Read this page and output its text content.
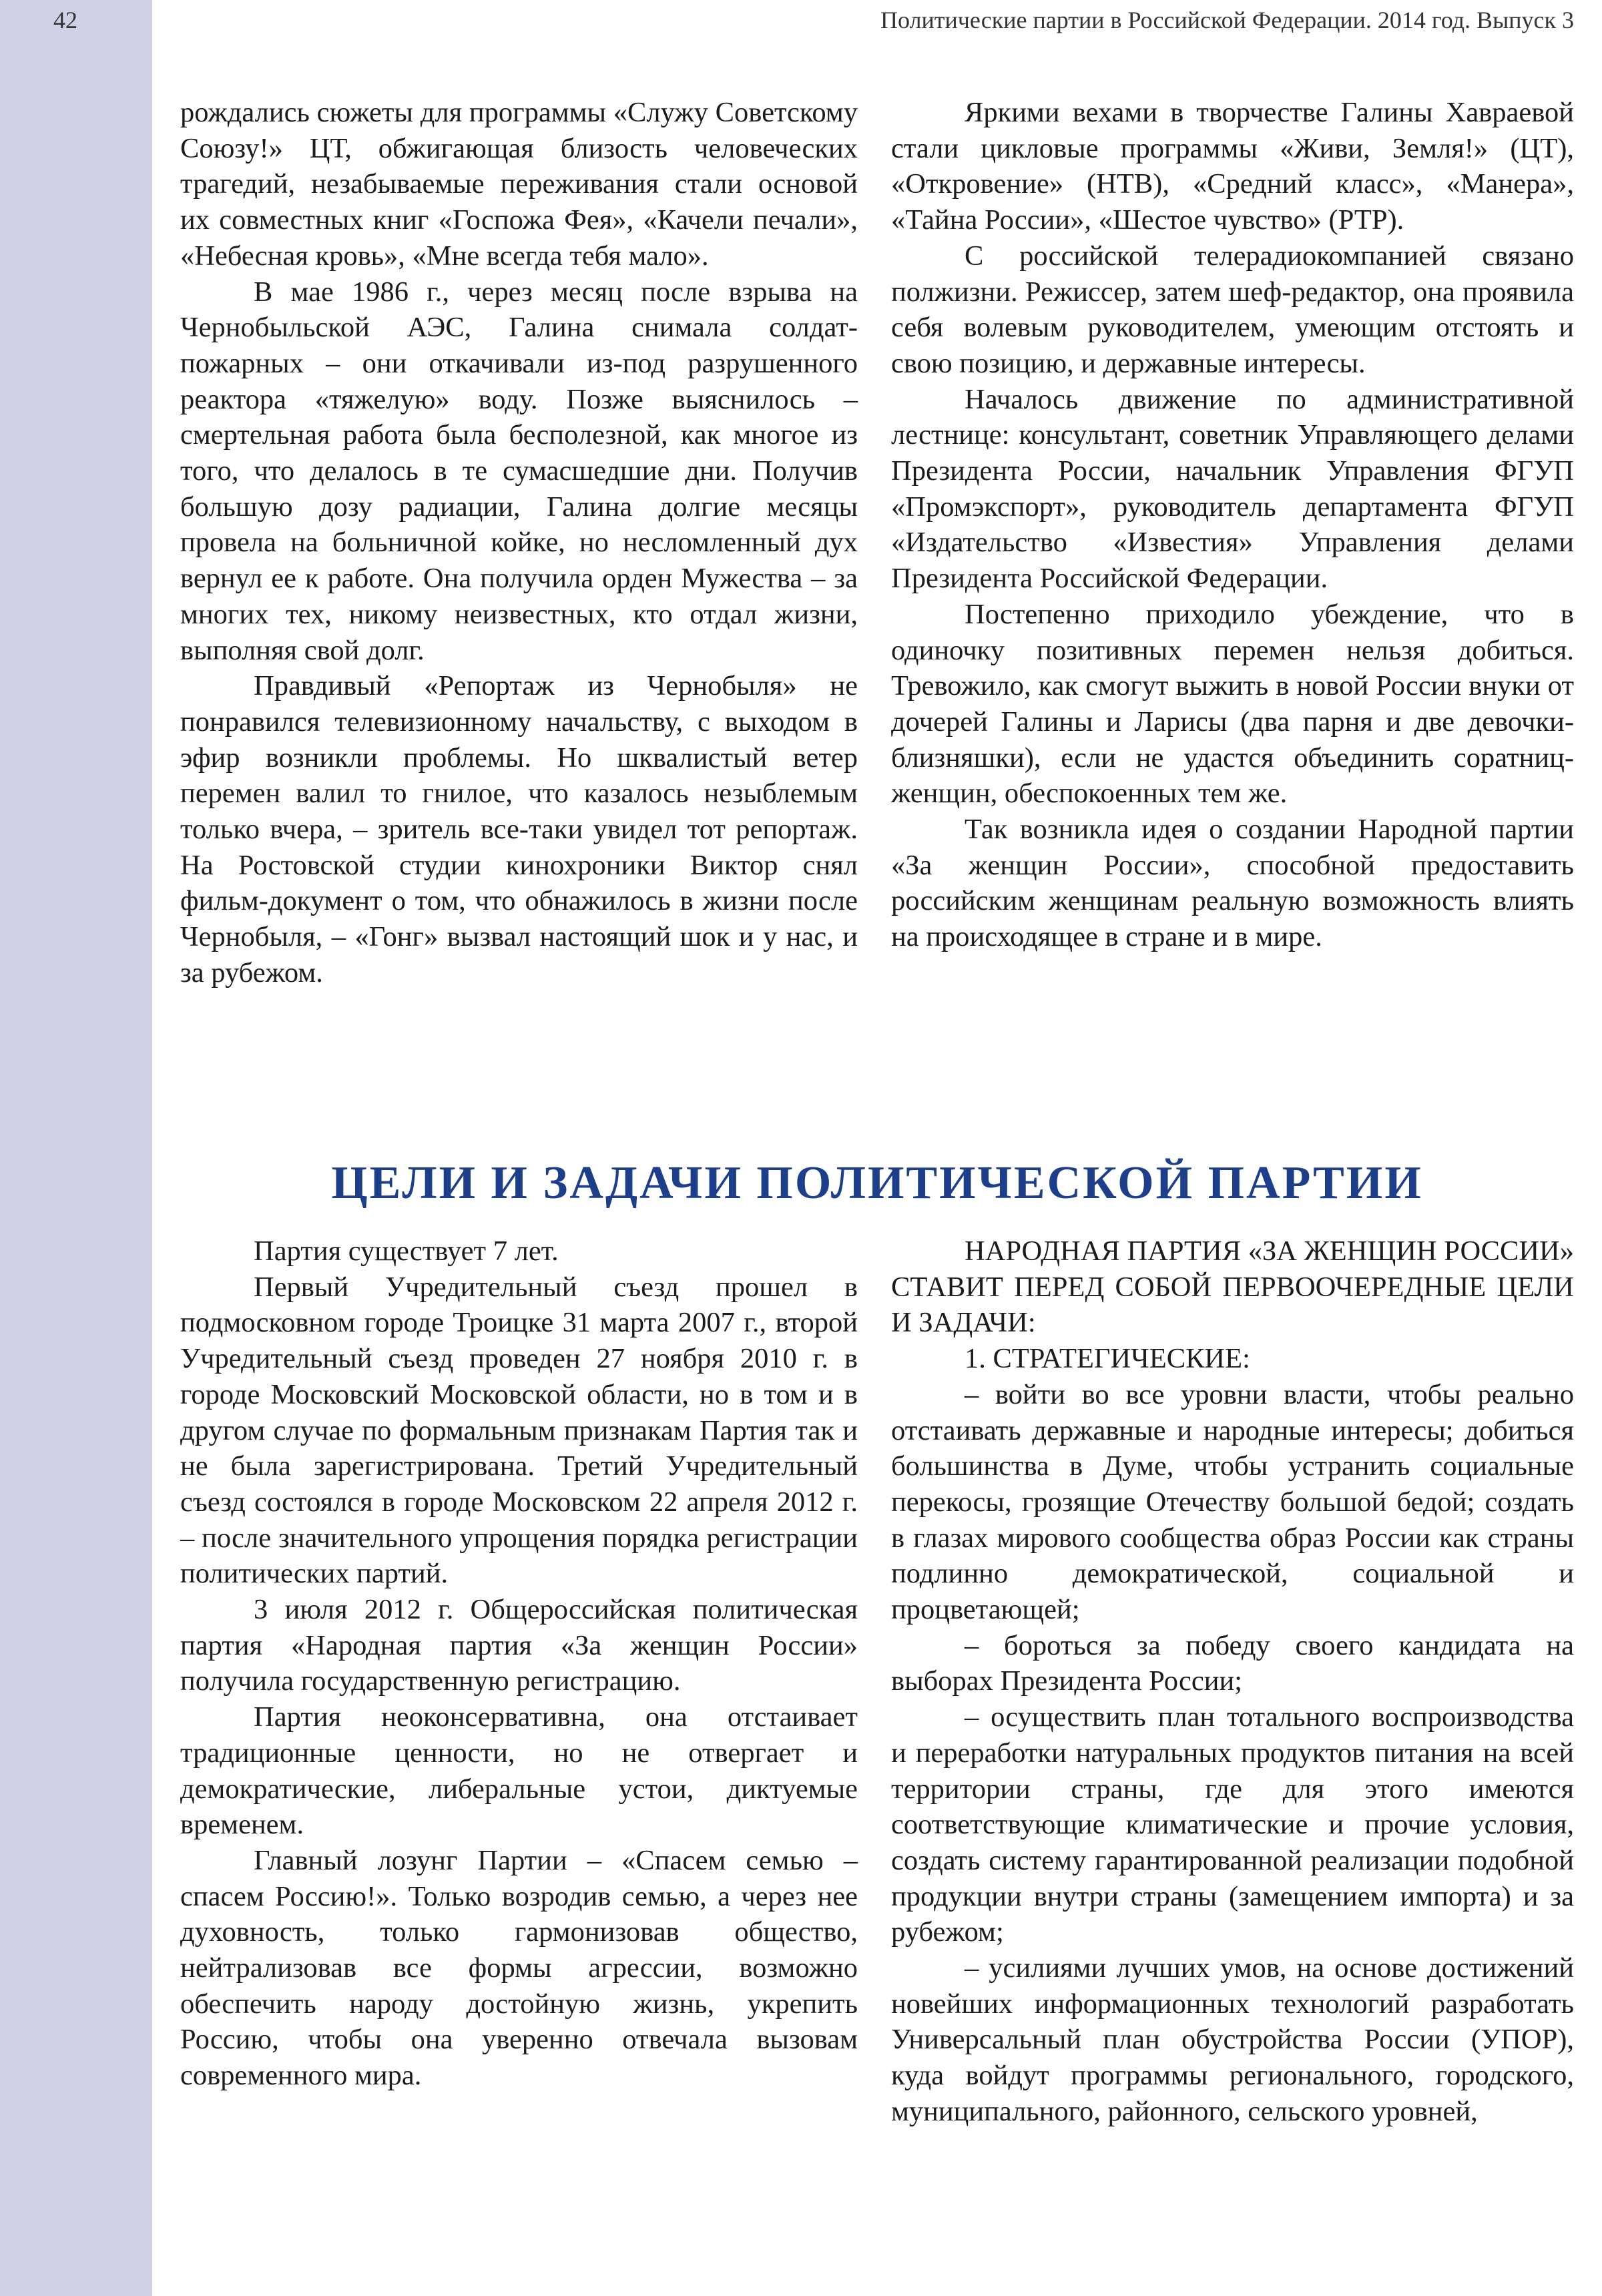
42	Политические партии в Российской Федерации. 2014 год. Выпуск 3

рождались сюжеты для программы «Служу Советскому Союзу!» ЦТ, обжигающая близость человеческих трагедий, незабываемые переживания стали основой их совместных книг «Госпожа Фея», «Качели печали», «Небесная кровь», «Мне всегда тебя мало».

В мае 1986 г., через месяц после взрыва на Чернобыльской АЭС, Галина снимала солдат-пожарных – они откачивали из-под разрушенного реактора «тяжелую» воду. Позже выяснилось – смертельная работа была бесполезной, как многое из того, что делалось в те сумасшедшие дни. Получив большую дозу радиации, Галина долгие месяцы провела на больничной койке, но несломленный дух вернул ее к работе. Она получила орден Мужества – за многих тех, никому неизвестных, кто отдал жизни, выполняя свой долг.

Правдивый «Репортаж из Чернобыля» не понравился телевизионному начальству, с выходом в эфир возникли проблемы. Но шквалистый ветер перемен валил то гнилое, что казалось незыблемым только вчера, – зритель все-таки увидел тот репортаж. На Ростовской студии кинохроники Виктор снял фильм-документ о том, что обнажилось в жизни после Чернобыля, – «Гонг» вызвал настоящий шок и у нас, и за рубежом.

Яркими вехами в творчестве Галины Хавраевой стали цикловые программы «Живи, Земля!» (ЦТ), «Откровение» (НТВ), «Средний класс», «Манера», «Тайна России», «Шестое чувство» (РТР).

С российской телерадиокомпанией связано полжизни. Режиссер, затем шеф-редактор, она проявила себя волевым руководителем, умеющим отстоять и свою позицию, и державные интересы.

Началось движение по административной лестнице: консультант, советник Управляющего делами Президента России, начальник Управления ФГУП «Промэкспорт», руководитель департамента ФГУП «Издательство «Известия» Управления делами Президента Российской Федерации.

Постепенно приходило убеждение, что в одиночку позитивных перемен нельзя добиться. Тревожило, как смогут выжить в новой России внуки от дочерей Галины и Ларисы (два парня и две девочки-близняшки), если не удастся объединить соратниц-женщин, обеспокоенных тем же.

Так возникла идея о создании Народной партии «За женщин России», способной предоставить российским женщинам реальную возможность влиять на происходящее в стране и в мире.

ЦЕЛИ И ЗАДАЧИ ПОЛИТИЧЕСКОЙ ПАРТИИ

Партия существует 7 лет.

Первый Учредительный съезд прошел в подмосковном городе Троицке 31 марта 2007 г., второй Учредительный съезд проведен 27 ноября 2010 г. в городе Московский Московской области, но в том и в другом случае по формальным признакам Партия так и не была зарегистрирована. Третий Учредительный съезд состоялся в городе Московском 22 апреля 2012 г. – после значительного упрощения порядка регистрации политических партий.

3 июля 2012 г. Общероссийская политическая партия «Народная партия «За женщин России» получила государственную регистрацию.

Партия неоконсервативна, она отстаивает традиционные ценности, но не отвергает и демократические, либеральные устои, диктуемые временем.

Главный лозунг Партии – «Спасем семью – спасем Россию!». Только возродив семью, а через нее духовность, только гармонизовав общество, нейтрализовав все формы агрессии, возможно обеспечить народу достойную жизнь, укрепить Россию, чтобы она уверенно отвечала вызовам современного мира.

НАРОДНАЯ ПАРТИЯ «ЗА ЖЕНЩИН РОССИИ» СТАВИТ ПЕРЕД СОБОЙ ПЕРВООЧЕРЕДНЫЕ ЦЕЛИ И ЗАДАЧИ:

1. СТРАТЕГИЧЕСКИЕ:

– войти во все уровни власти, чтобы реально отстаивать державные и народные интересы; добиться большинства в Думе, чтобы устранить социальные перекосы, грозящие Отечеству большой бедой; создать в глазах мирового сообщества образ России как страны подлинно демократической, социальной и процветающей;

– бороться за победу своего кандидата на выборах Президента России;

– осуществить план тотального воспроизводства и переработки натуральных продуктов питания на всей территории страны, где для этого имеются соответствующие климатические и прочие условия, создать систему гарантированной реализации подобной продукции внутри страны (замещением импорта) и за рубежом;

– усилиями лучших умов, на основе достижений новейших информационных технологий разработать Универсальный план обустройства России (УПОР), куда войдут программы регионального, городского, муниципального, районного, сельского уровней,
